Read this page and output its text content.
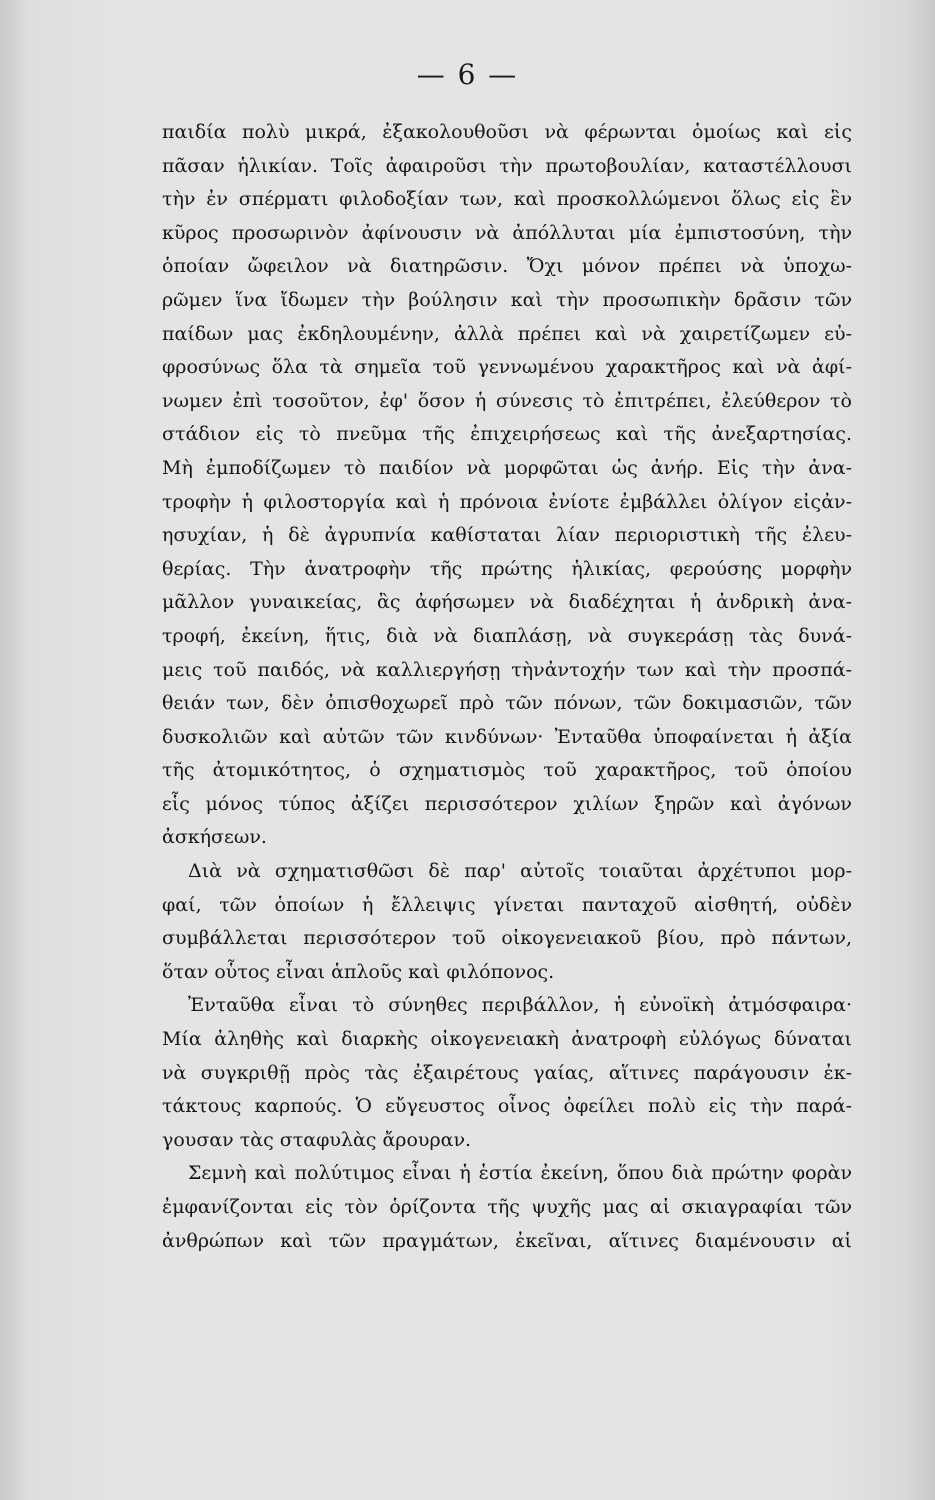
— 6 —
παιδία πολὺ μικρά, ἐξακολουθοῦσι νὰ φέρωνται ὁμοίως καὶ εἰς
πᾶσαν ἡλικίαν. Τοῖς ἀφαιροῦσι τὴν πρωτοβουλίαν, καταστέλλουσι
τὴν ἐν σπέρματι φιλοδοξίαν των, καὶ προσκολλώμενοι ὅλως εἰς ἓν
κῦρος προσωρινὸν ἀφίνουσιν νὰ ἀπόλλυται μία ἐμπιστοσύνη, τὴν
ὁποίαν ὤφειλον νὰ διατηρῶσιν. Ὄχι μόνον πρέπει νὰ ὑποχω-
ρῶμεν ἵνα ἴδωμεν τὴν βούλησιν καὶ τὴν προσωπικὴν δρᾶσιν τῶν
παίδων μας ἐκδηλουμένην, ἀλλὰ πρέπει καὶ νὰ χαιρετίζωμεν εὐ-
φροσύνως ὅλα τὰ σημεῖα τοῦ γεννωμένου χαρακτῆρος καὶ νὰ ἀφί-
νωμεν ἐπὶ τοσοῦτον, ἐφ' ὅσον ἡ σύνεσις τὸ ἐπιτρέπει, ἐλεύθερον τὸ
στάδιον εἰς τὸ πνεῦμα τῆς ἐπιχειρήσεως καὶ τῆς ἀνεξαρτησίας.
Μὴ ἐμποδίζωμεν τὸ παιδίον νὰ μορφῶται ὡς ἀνήρ. Εἰς τὴν ἀνα-
τροφὴν ἡ φιλοστοργία καὶ ἡ πρόνοια ἐνίοτε ἐμβάλλει ὀλίγον εἰςἀν-
ησυχίαν, ἡ δὲ ἀγρυπνία καθίσταται λίαν περιοριστικὴ τῆς ἐλευ-
θερίας. Τὴν ἀνατροφὴν τῆς πρώτης ἡλικίας, φερούσης μορφὴν
μᾶλλον γυναικείας, ἂς ἀφήσωμεν νὰ διαδέχηται ἡ ἀνδρικὴ ἀνα-
τροφή, ἐκείνη, ἥτις, διὰ νὰ διαπλάσῃ, νὰ συγκεράσῃ τὰς δυνά-
μεις τοῦ παιδός, νὰ καλλιεργήσῃ τὴνἀντοχήν των καὶ τὴν προσπά-
θειάν των, δὲν ὀπισθοχωρεῖ πρὸ τῶν πόνων, τῶν δοκιμασιῶν, τῶν
δυσκολιῶν καὶ αὐτῶν τῶν κινδύνων· Ἐνταῦθα ὑποφαίνεται ἡ ἀξία
τῆς ἀτομικότητος, ὁ σχηματισμὸς τοῦ χαρακτῆρος, τοῦ ὁποίου
εἷς μόνος τύπος ἀξίζει περισσότερον χιλίων ξηρῶν καὶ ἀγόνων
ἀσκήσεων.
Διὰ νὰ σχηματισθῶσι δὲ παρ' αὐτοῖς τοιαῦται ἀρχέτυποι μορ-
φαί, τῶν ὁποίων ἡ ἔλλειψις γίνεται πανταχοῦ αἰσθητή, οὐδὲν
συμβάλλεται περισσότερον τοῦ οἰκογενειακοῦ βίου, πρὸ πάντων,
ὅταν οὗτος εἶναι ἁπλοῦς καὶ φιλόπονος.
Ἐνταῦθα εἶναι τὸ σύνηθες περιβάλλον, ἡ εὐνοϊκὴ ἀτμόσφαιρα·
Μία ἀληθὴς καὶ διαρκὴς οἰκογενειακὴ ἀνατροφὴ εὐλόγως δύναται
νὰ συγκριθῇ πρὸς τὰς ἐξαιρέτους γαίας, αἵτινες παράγουσιν ἐκ-
τάκτους καρπούς. Ὁ εὔγευστος οἶνος ὀφείλει πολὺ εἰς τὴν παρά-
γουσαν τὰς σταφυλὰς ἄρουραν.
Σεμνὴ καὶ πολύτιμος εἶναι ἡ ἑστία ἐκείνη, ὅπου διὰ πρώτην φορὰν
ἐμφανίζονται εἰς τὸν ὁρίζοντα τῆς ψυχῆς μας αἱ σκιαγραφίαι τῶν
ἀνθρώπων καὶ τῶν πραγμάτων, ἐκεῖναι, αἵτινες διαμένουσιν αἱ
